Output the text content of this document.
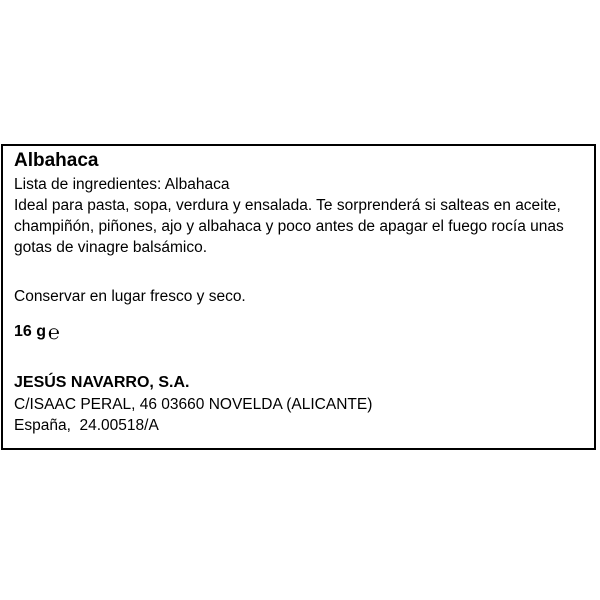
Albahaca

Lista de ingredientes: Albahaca

Ideal para pasta, sopa, verdura y ensalada. Te sorprenderá si salteas en aceite,

champiñón, piñones, ajo y albahaca y poco antes de apagar el fuego rocía unas

gotas de vinagre balsámico.

Conservar en lugar fresco y seco.

16 g ℮

JESÚS NAVARRO, S.A.

C/ISAAC PERAL, 46 03660 NOVELDA (ALICANTE)

España,  24.00518/A
